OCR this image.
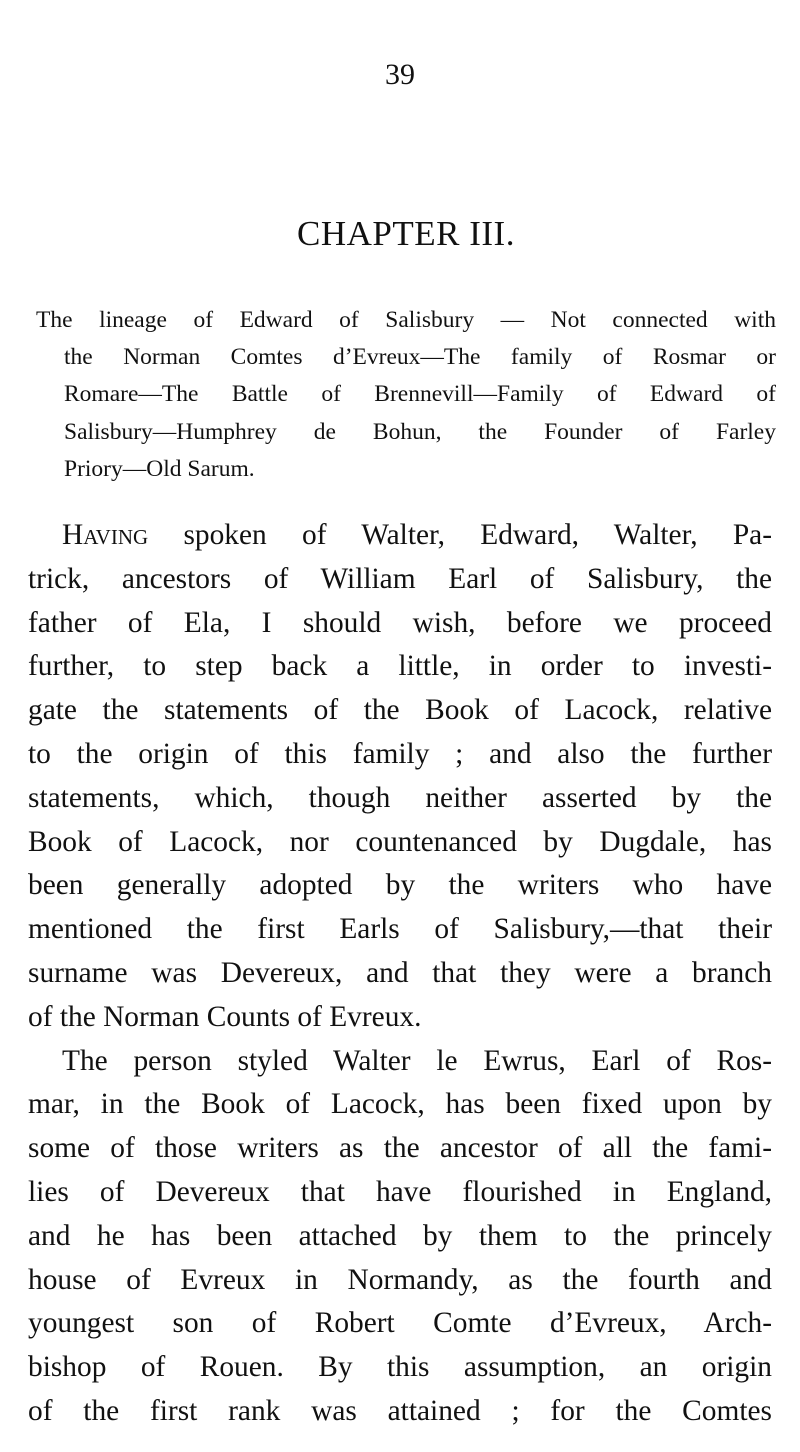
39
CHAPTER III.
The lineage of Edward of Salisbury — Not connected with
the Norman Comtes d’Evreux—The family of Rosmar or
Romare—The Battle of Brennevill—Family of Edward of
Salisbury—Humphrey de Bohun, the Founder of Farley
Priory—Old Sarum.
Having spoken of Walter, Edward, Walter, Pa-
trick, ancestors of William Earl of Salisbury, the
father of Ela, I should wish, before we proceed
further, to step back a little, in order to investi-
gate the statements of the Book of Lacock, relative
to the origin of this family ; and also the further
statements, which, though neither asserted by the
Book of Lacock, nor countenanced by Dugdale, has
been generally adopted by the writers who have
mentioned the first Earls of Salisbury,—that their
surname was Devereux, and that they were a branch
of the Norman Counts of Evreux.
The person styled Walter le Ewrus, Earl of Ros-
mar, in the Book of Lacock, has been fixed upon by
some of those writers as the ancestor of all the fami-
lies of Devereux that have flourished in England,
and he has been attached by them to the princely
house of Evreux in Normandy, as the fourth and
youngest son of Robert Comte d’Evreux, Arch-
bishop of Rouen. By this assumption, an origin
of the first rank was attained ; for the Comtes
